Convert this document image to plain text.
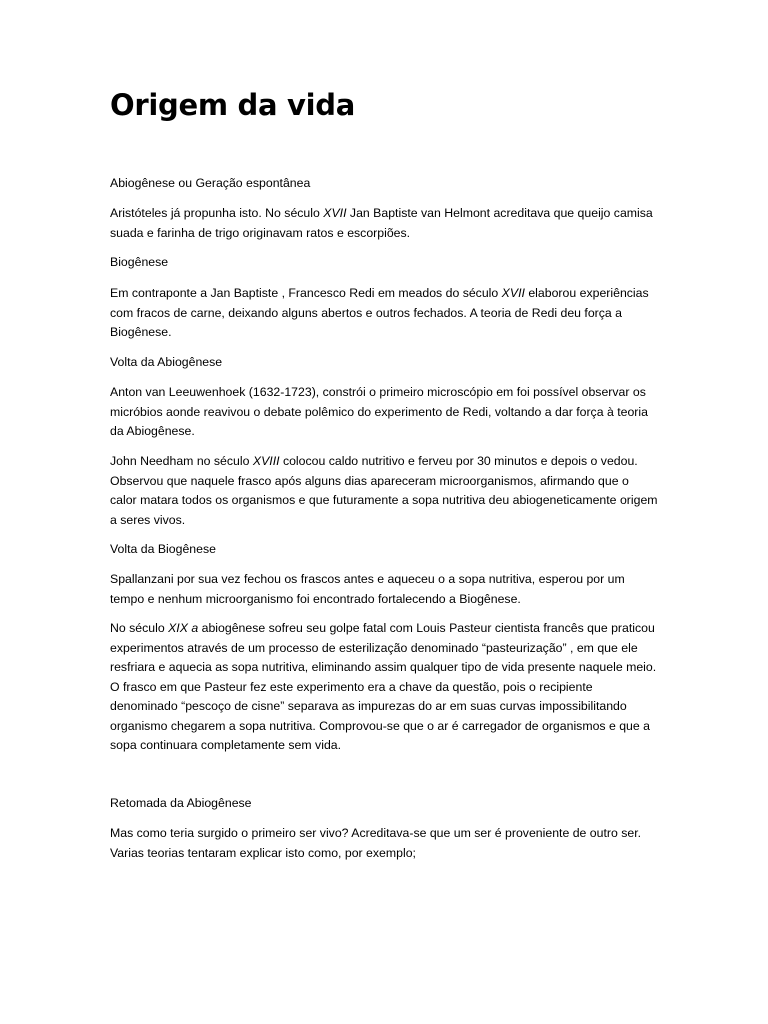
Origem da vida

Abiogênese ou Geração espontânea

Aristóteles já propunha isto. No século XVII Jan Baptiste van Helmont acreditava que queijo camisa suada e farinha de trigo originavam ratos e escorpiões.

Biogênese

Em contraponte a Jan Baptiste , Francesco Redi em meados do século XVII elaborou experiências com fracos de carne, deixando alguns abertos e outros fechados. A teoria de Redi deu força a Biogênese.

Volta da Abiogênese

Anton van Leeuwenhoek (1632-1723), constrói o primeiro microscópio em foi possível observar os micróbios aonde reavivou o debate polêmico do experimento de Redi, voltando a dar força à teoria da Abiogênese.

John Needham no século XVIII colocou caldo nutritivo e ferveu por 30 minutos e depois o vedou. Observou que naquele frasco após alguns dias apareceram microorganismos, afirmando que o calor matara todos os organismos e que futuramente a sopa nutritiva deu abiogeneticamente origem a seres vivos.

Volta da Biogênese

Spallanzani por sua vez fechou os frascos antes e aqueceu o a sopa nutritiva, esperou por um tempo e nenhum microorganismo foi encontrado fortalecendo a Biogênese.

No século XIX a abiogênese sofreu seu golpe fatal com Louis Pasteur cientista francês que praticou experimentos através de um processo de esterilização denominado “pasteurização” , em que ele resfriara e aquecia as sopa nutritiva, eliminando assim qualquer tipo de vida presente naquele meio. O frasco em que Pasteur fez este experimento era a chave da questão, pois o recipiente denominado “pescoço de cisne” separava as impurezas do ar em suas curvas impossibilitando organismo chegarem a sopa nutritiva. Comprovou-se que o ar é carregador de organismos e que a sopa continuara completamente sem vida.

Retomada da Abiogênese

Mas como teria surgido o primeiro ser vivo? Acreditava-se que um ser é proveniente de outro ser. Varias teorias tentaram explicar isto como, por exemplo;
